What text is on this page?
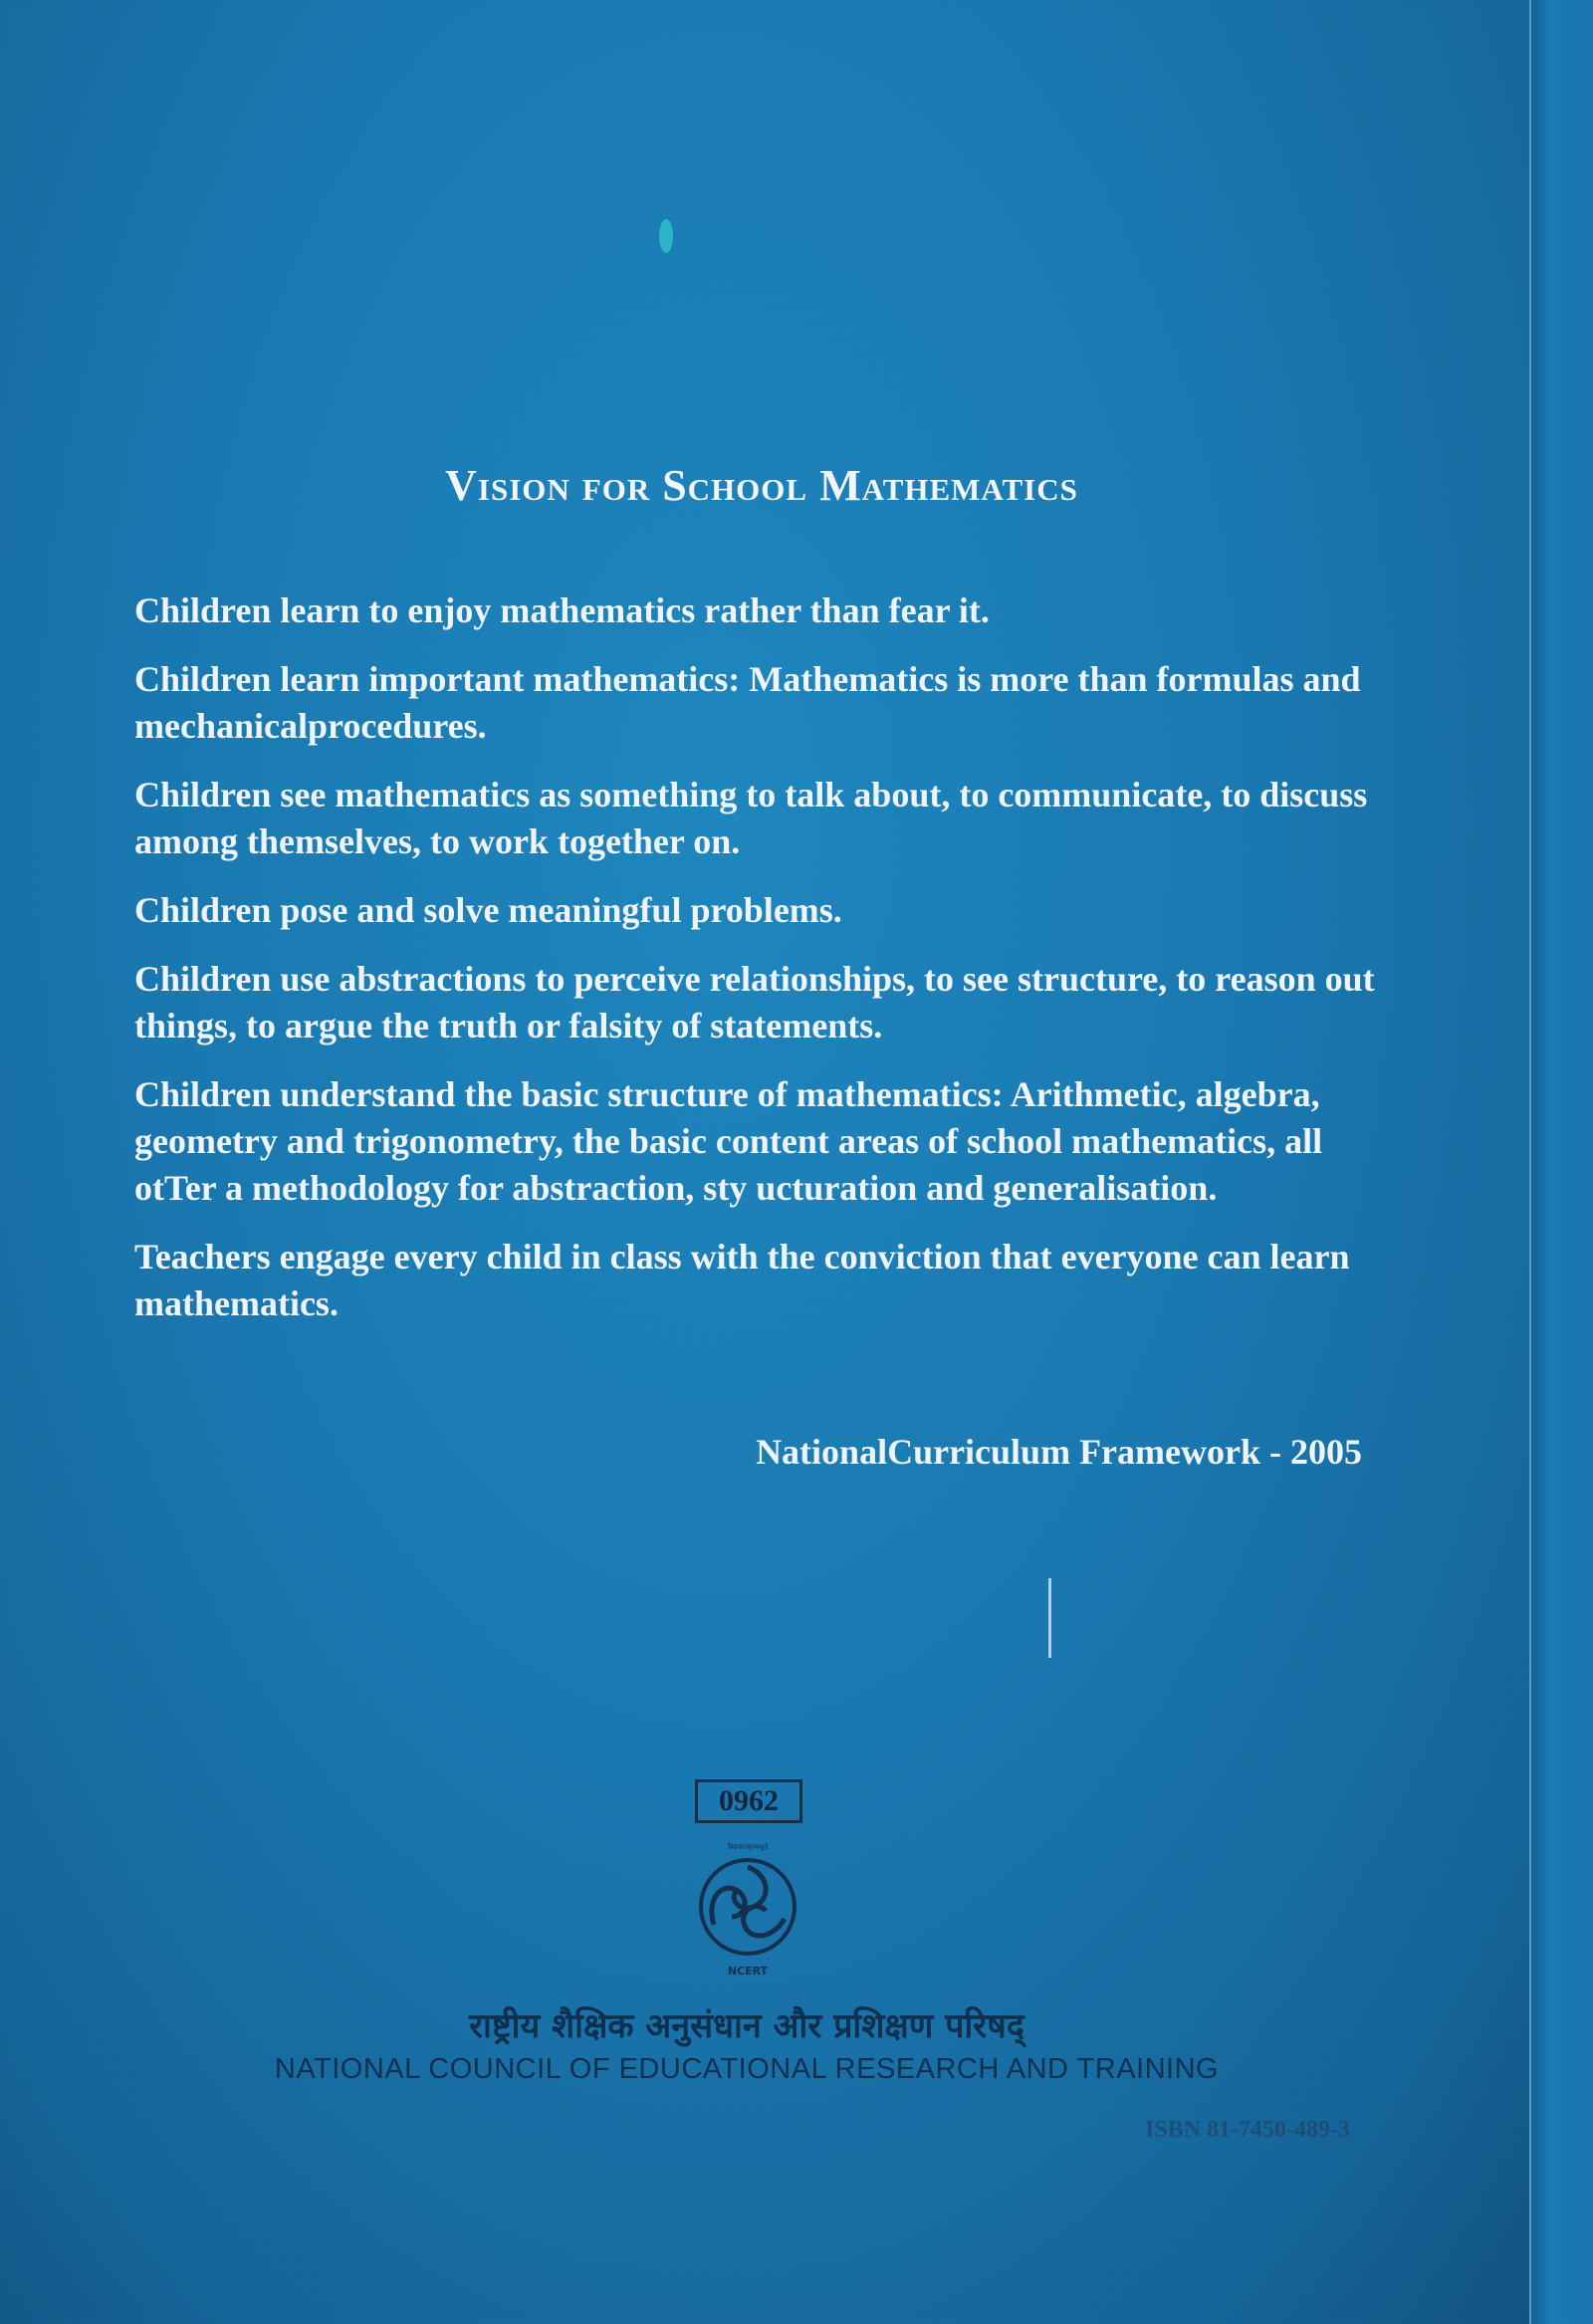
Vision for School Mathematics

Children learn to enjoy mathematics rather than fear it.

Children learn important mathematics: Mathematics is more than formulas and mechanicalprocedures.

Children see mathematics as something to talk about, to communicate, to discuss among themselves, to work together on.

Children pose and solve meaningful problems.

Children use abstractions to perceive relationships, to see structure, to reason out things, to argue the truth or falsity of statements.

Children understand the basic structure of mathematics: Arithmetic, algebra, geometry and trigonometry, the basic content areas of school mathematics, all otTer a methodology for abstraction, sty ucturation and generalisation.

Teachers engage every child in class with the conviction that everyone can learn mathematics.

NationalCurriculum Framework - 2005
0962
विद्ययाऽमृतमश्नुते
NCERT
राष्ट्रीय शैक्षिक अनुसंधान और प्रशिक्षण परिषद्
NATIONAL COUNCIL OF EDUCATIONAL RESEARCH AND TRAINING
ISBN 81-7450-489-3
